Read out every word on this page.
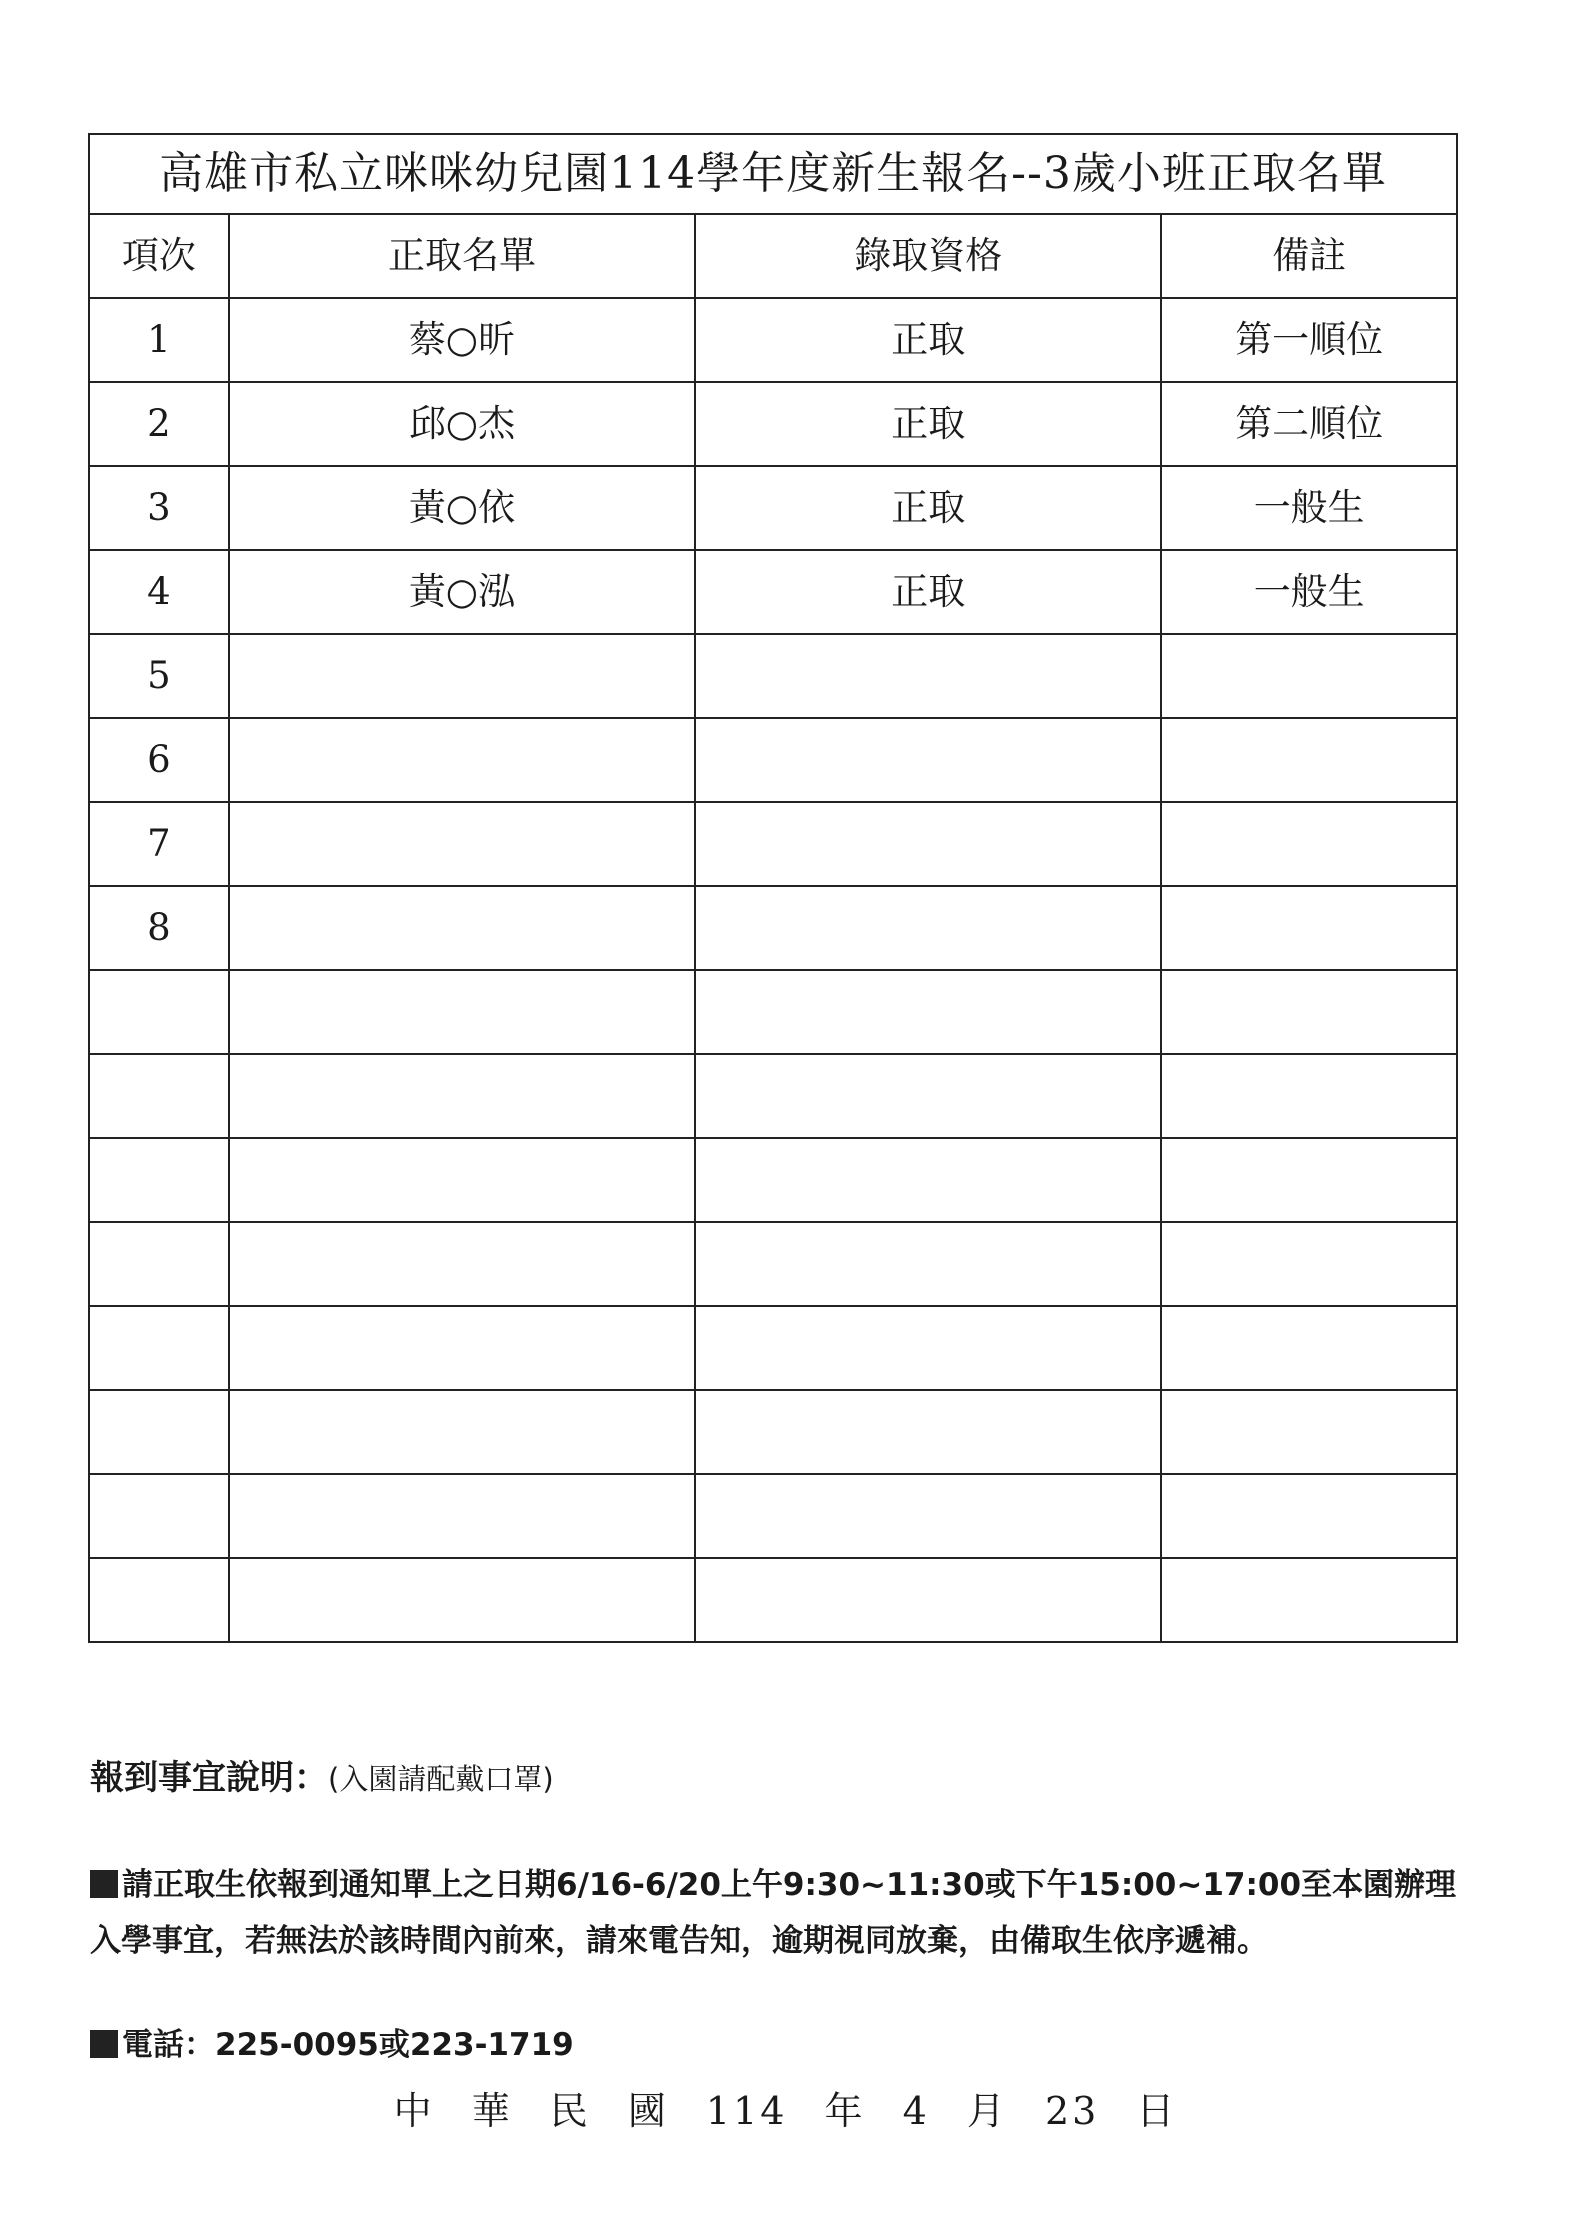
高雄市私立咪咪幼兒園114學年度新生報名--3歲小班正取名單			
項次	正取名單	錄取資格	備註
1	蔡○昕	正取	第一順位
2	邱○杰	正取	第二順位
3	黃○依	正取	一般生
4	黃○泓	正取	一般生
5			
6			
7			
8			

報到事宜說明：(入園請配戴口罩)
請正取生依報到通知單上之日期6/16-6/20上午9:30~11:30或下午15:00~17:00至本園辦理入學事宜，若無法於該時間內前來，請來電告知，逾期視同放棄，由備取生依序遞補。
電話：225-0095或223-1719
中 華 民 國 114 年 4 月 23 日
